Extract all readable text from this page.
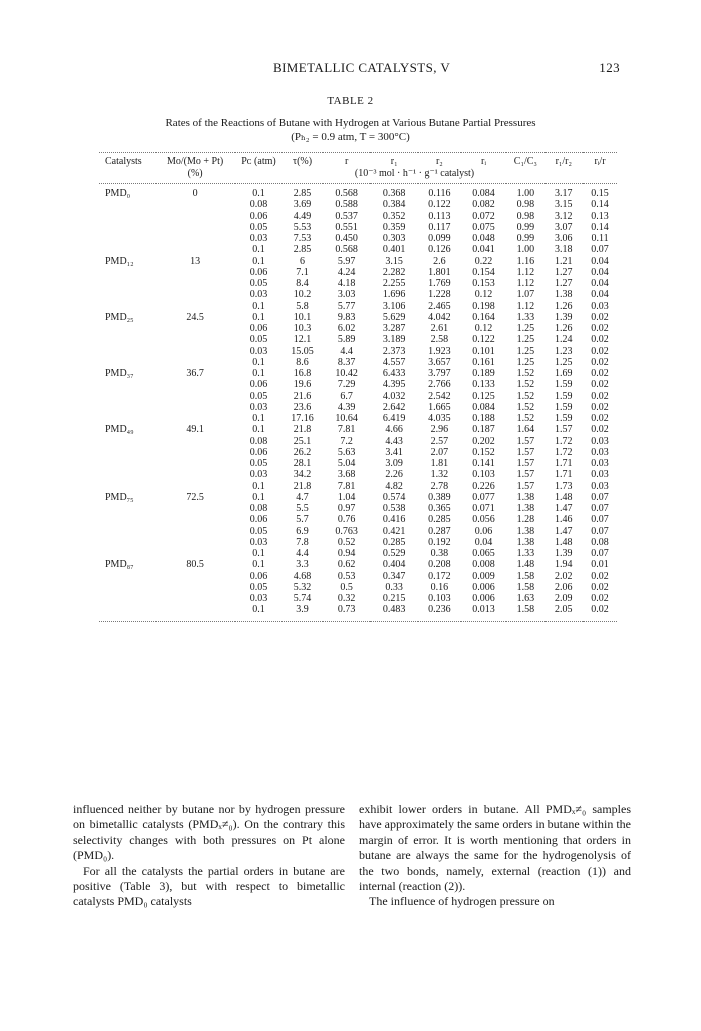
BIMETALLIC CATALYSTS, V	123
TABLE 2
Rates of the Reactions of Butane with Hydrogen at Various Butane Partial Pressures
(Pₕ₂ = 0.9 atm, T = 300°C)
Catalysts	Mo/(Mo + Pt)	Pᴄ (atm)	τ(%)	r	r₁	r₂	rᵢ	C₁/C₃	r₁/r₂	rᵢ/r
	(%)			(10⁻³ mol · h⁻¹ · g⁻¹ catalyst)						
PMD₀	0	0.1	2.85	0.568	0.368	0.116	0.084	1.00	3.17	0.15
		0.08	3.69	0.588	0.384	0.122	0.082	0.98	3.15	0.14
		0.06	4.49	0.537	0.352	0.113	0.072	0.98	3.12	0.13
		0.05	5.53	0.551	0.359	0.117	0.075	0.99	3.07	0.14
		0.03	7.53	0.450	0.303	0.099	0.048	0.99	3.06	0.11
		0.1	2.85	0.568	0.401	0.126	0.041	1.00	3.18	0.07
PMD₁₂	13	0.1	6	5.97	3.15	2.6	0.22	1.16	1.21	0.04
		0.06	7.1	4.24	2.282	1.801	0.154	1.12	1.27	0.04
		0.05	8.4	4.18	2.255	1.769	0.153	1.12	1.27	0.04
		0.03	10.2	3.03	1.696	1.228	0.12	1.07	1.38	0.04
		0.1	5.8	5.77	3.106	2.465	0.198	1.12	1.26	0.03
PMD₂₅	24.5	0.1	10.1	9.83	5.629	4.042	0.164	1.33	1.39	0.02
		0.06	10.3	6.02	3.287	2.61	0.12	1.25	1.26	0.02
		0.05	12.1	5.89	3.189	2.58	0.122	1.25	1.24	0.02
		0.03	15.05	4.4	2.373	1.923	0.101	1.25	1.23	0.02
		0.1	8.6	8.37	4.557	3.657	0.161	1.25	1.25	0.02
PMD₃₇	36.7	0.1	16.8	10.42	6.433	3.797	0.189	1.52	1.69	0.02
		0.06	19.6	7.29	4.395	2.766	0.133	1.52	1.59	0.02
		0.05	21.6	6.7	4.032	2.542	0.125	1.52	1.59	0.02
		0.03	23.6	4.39	2.642	1.665	0.084	1.52	1.59	0.02
		0.1	17.16	10.64	6.419	4.035	0.188	1.52	1.59	0.02
PMD₄₉	49.1	0.1	21.8	7.81	4.66	2.96	0.187	1.64	1.57	0.02
		0.08	25.1	7.2	4.43	2.57	0.202	1.57	1.72	0.03
		0.06	26.2	5.63	3.41	2.07	0.152	1.57	1.72	0.03
		0.05	28.1	5.04	3.09	1.81	0.141	1.57	1.71	0.03
		0.03	34.2	3.68	2.26	1.32	0.103	1.57	1.71	0.03
		0.1	21.8	7.81	4.82	2.78	0.226	1.57	1.73	0.03
PMD₇₅	72.5	0.1	4.7	1.04	0.574	0.389	0.077	1.38	1.48	0.07
		0.08	5.5	0.97	0.538	0.365	0.071	1.38	1.47	0.07
		0.06	5.7	0.76	0.416	0.285	0.056	1.28	1.46	0.07
		0.05	6.9	0.763	0.421	0.287	0.06	1.38	1.47	0.07
		0.03	7.8	0.52	0.285	0.192	0.04	1.38	1.48	0.08
		0.1	4.4	0.94	0.529	0.38	0.065	1.33	1.39	0.07
PMD₈₇	80.5	0.1	3.3	0.62	0.404	0.208	0.008	1.48	1.94	0.01
		0.06	4.68	0.53	0.347	0.172	0.009	1.58	2.02	0.02
		0.05	5.32	0.5	0.33	0.16	0.006	1.58	2.06	0.02
		0.03	5.74	0.32	0.215	0.103	0.006	1.63	2.09	0.02
		0.1	3.9	0.73	0.483	0.236	0.013	1.58	2.05	0.02

influenced neither by butane nor by hydrogen pressure on bimetallic catalysts (PMDₓ≠₀). On the contrary this selectivity changes with both pressures on Pt alone (PMD₀).

For all the catalysts the partial orders in butane are positive (Table 3), but with respect to bimetallic catalysts PMD₀ catalysts

exhibit lower orders in butane. All PMDₓ≠₀ samples have approximately the same orders in butane within the margin of error. It is worth mentioning that orders in butane are always the same for the hydrogenolysis of the two bonds, namely, external (reaction (1)) and internal (reaction (2)).

The influence of hydrogen pressure on
